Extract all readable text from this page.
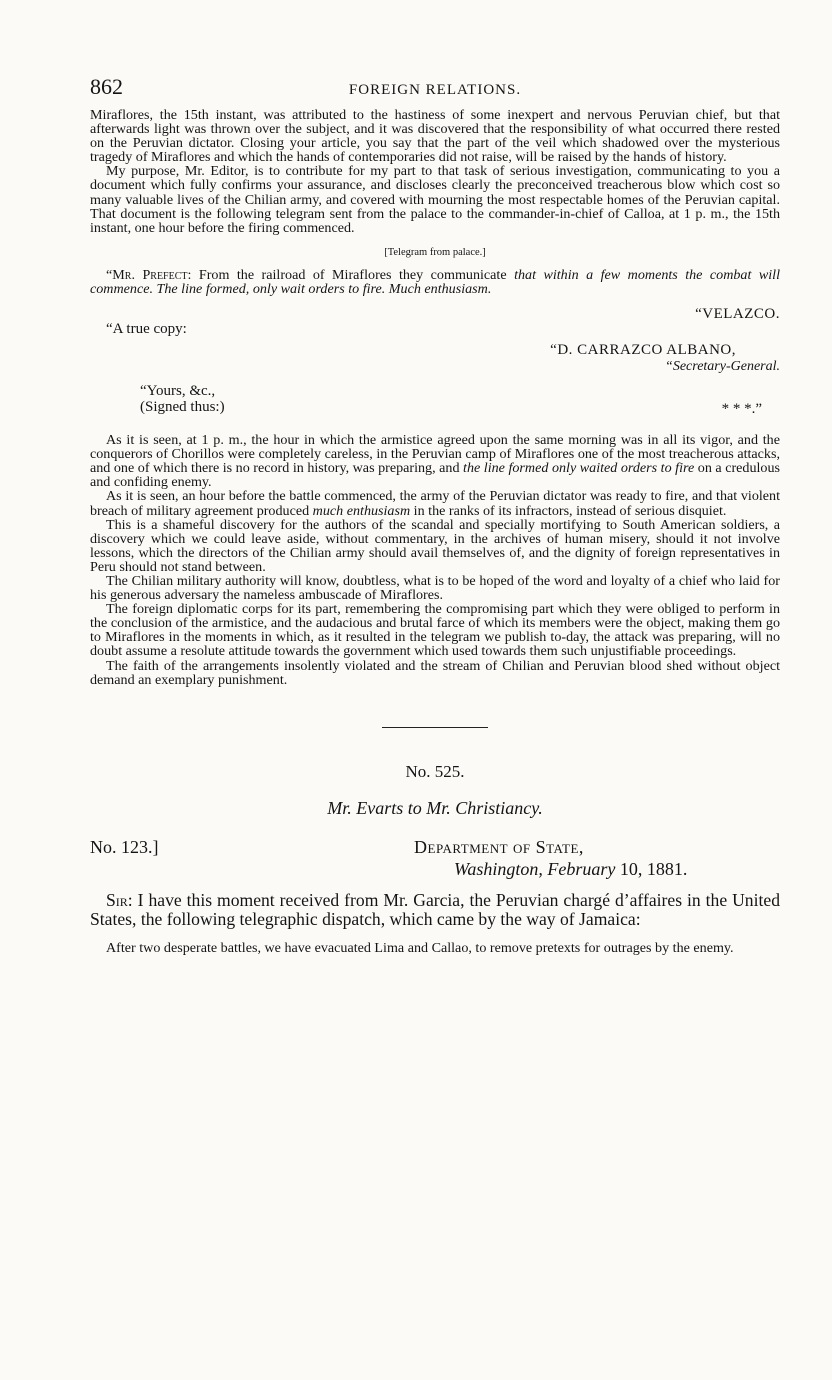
862	FOREIGN RELATIONS.

Miraflores, the 15th instant, was attributed to the hastiness of some inexpert and nervous Peruvian chief, but that afterwards light was thrown over the subject, and it was discovered that the responsibility of what occurred there rested on the Peruvian dictator. Closing your article, you say that the part of the veil which shadowed over the mysterious tragedy of Miraflores and which the hands of contemporaries did not raise, will be raised by the hands of history.

My purpose, Mr. Editor, is to contribute for my part to that task of serious investigation, communicating to you a document which fully confirms your assurance, and discloses clearly the preconceived treacherous blow which cost so many valuable lives of the Chilian army, and covered with mourning the most respectable homes of the Peruvian capital. That document is the following telegram sent from the palace to the commander-in-chief of Calloa, at 1 p. m., the 15th instant, one hour before the firing commenced.

[Telegram from palace.]
“Mr. Prefect: From the railroad of Miraflores they communicate that within a few moments the combat will commence. The line formed, only wait orders to fire. Much enthusiasm.
“VELAZCO.
“A true copy:
“D. CARRAZCO ALBANO,
“Secretary-General.
“Yours, &c.,
(Signed thus:)	* * *.”

As it is seen, at 1 p. m., the hour in which the armistice agreed upon the same morning was in all its vigor, and the conquerors of Chorillos were completely careless, in the Peruvian camp of Miraflores one of the most treacherous attacks, and one of which there is no record in history, was preparing, and the line formed only waited orders to fire on a credulous and confiding enemy.

As it is seen, an hour before the battle commenced, the army of the Peruvian dictator was ready to fire, and that violent breach of military agreement produced much enthusiasm in the ranks of its infractors, instead of serious disquiet.

This is a shameful discovery for the authors of the scandal and specially mortifying to South American soldiers, a discovery which we could leave aside, without commentary, in the archives of human misery, should it not involve lessons, which the directors of the Chilian army should avail themselves of, and the dignity of foreign representatives in Peru should not stand between.

The Chilian military authority will know, doubtless, what is to be hoped of the word and loyalty of a chief who laid for his generous adversary the nameless ambuscade of Miraflores.

The foreign diplomatic corps for its part, remembering the compromising part which they were obliged to perform in the conclusion of the armistice, and the audacious and brutal farce of which its members were the object, making them go to Miraflores in the moments in which, as it resulted in the telegram we publish to-day, the attack was preparing, will no doubt assume a resolute attitude towards the government which used towards them such unjustifiable proceedings.

The faith of the arrangements insolently violated and the stream of Chilian and Peruvian blood shed without object demand an exemplary punishment.

No. 525.
Mr. Evarts to Mr. Christiancy.
No. 123.]	Department of State,
Washington, February 10, 1881.

Sir: I have this moment received from Mr. Garcia, the Peruvian chargé d’affaires in the United States, the following telegraphic dispatch, which came by the way of Jamaica:

After two desperate battles, we have evacuated Lima and Callao, to remove pretexts for outrages by the enemy.
